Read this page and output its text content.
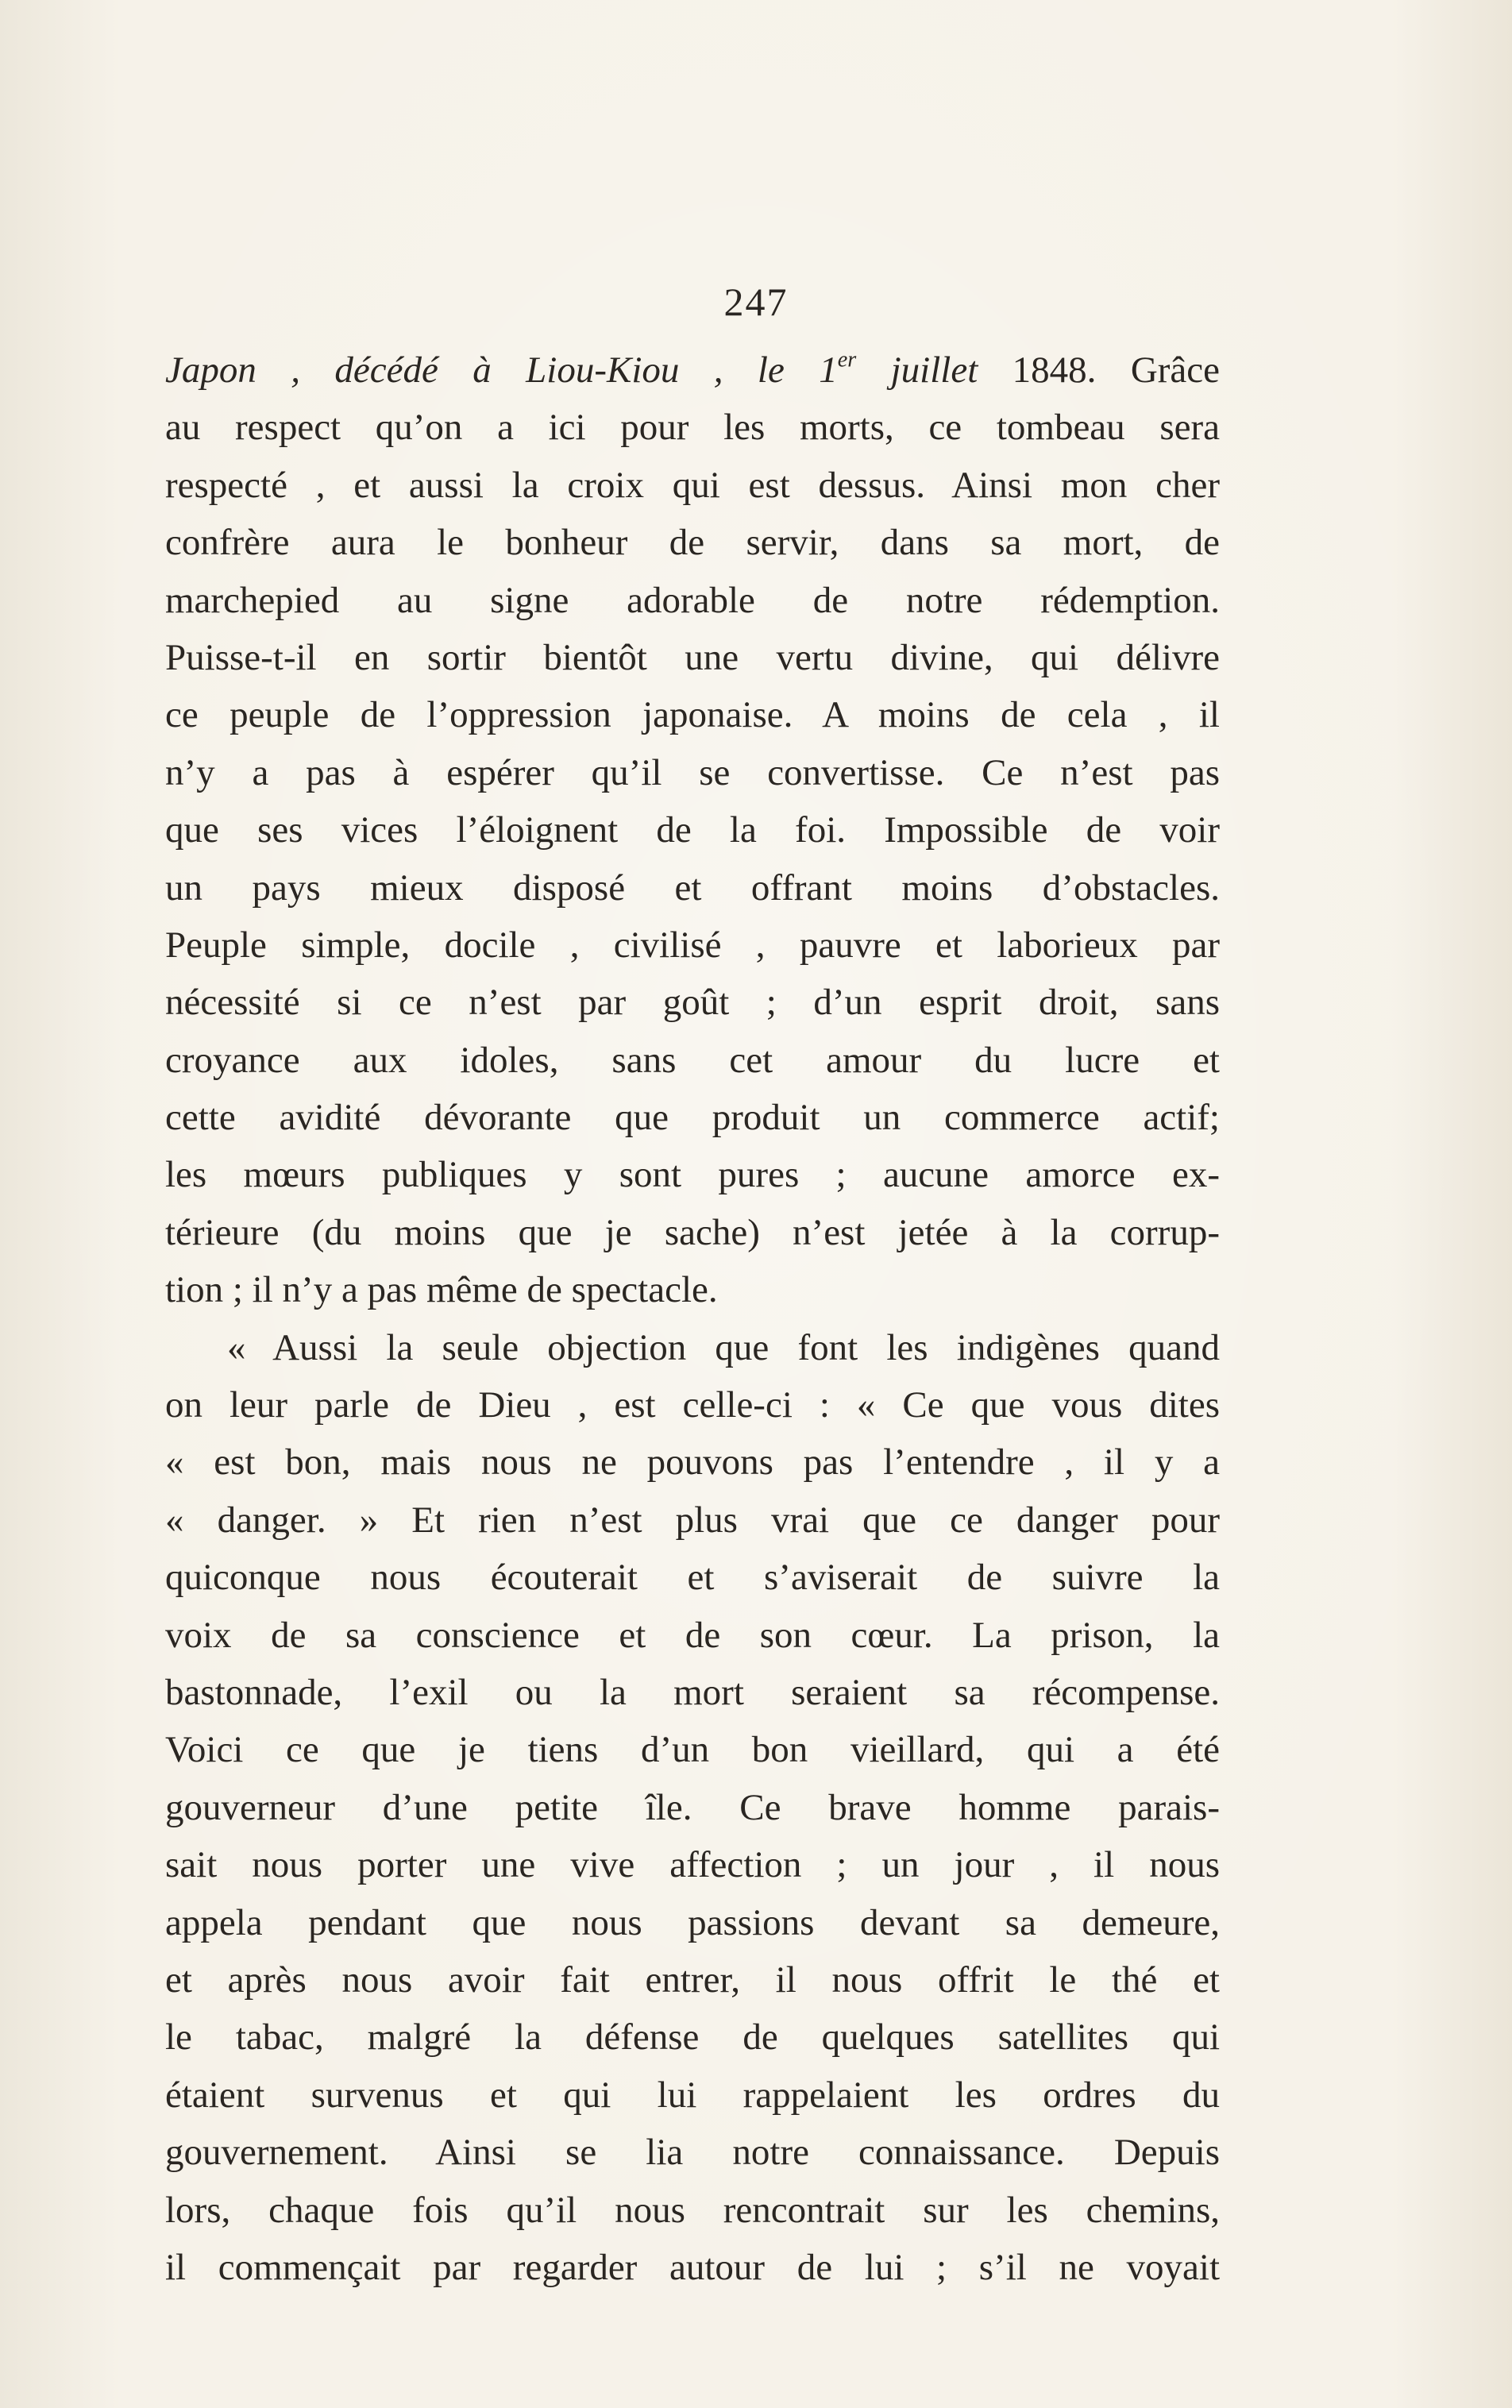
247
Japon , décédé à Liou-Kiou , le 1er juillet 1848. Grâce
au respect qu’on a ici pour les morts, ce tombeau sera
respecté , et aussi la croix qui est dessus. Ainsi mon cher
confrère aura le bonheur de servir, dans sa mort, de
marchepied au signe adorable de notre rédemption.
Puisse-t-il en sortir bientôt une vertu divine, qui délivre
ce peuple de l’oppression japonaise. A moins de cela , il
n’y a pas à espérer qu’il se convertisse. Ce n’est pas
que ses vices l’éloignent de la foi. Impossible de voir
un pays mieux disposé et offrant moins d’obstacles.
Peuple simple, docile , civilisé , pauvre et laborieux par
nécessité si ce n’est par goût ; d’un esprit droit, sans
croyance aux idoles, sans cet amour du lucre et
cette avidité dévorante que produit un commerce actif;
les mœurs publiques y sont pures ; aucune amorce ex-
térieure (du moins que je sache) n’est jetée à la corrup-
tion ; il n’y a pas même de spectacle.
« Aussi la seule objection que font les indigènes quand
on leur parle de Dieu , est celle-ci : « Ce que vous dites
« est bon, mais nous ne pouvons pas l’entendre , il y a
« danger. » Et rien n’est plus vrai que ce danger pour
quiconque nous écouterait et s’aviserait de suivre la
voix de sa conscience et de son cœur. La prison, la
bastonnade, l’exil ou la mort seraient sa récompense.
Voici ce que je tiens d’un bon vieillard, qui a été
gouverneur d’une petite île. Ce brave homme parais-
sait nous porter une vive affection ; un jour , il nous
appela pendant que nous passions devant sa demeure,
et après nous avoir fait entrer, il nous offrit le thé et
le tabac, malgré la défense de quelques satellites qui
étaient survenus et qui lui rappelaient les ordres du
gouvernement. Ainsi se lia notre connaissance. Depuis
lors, chaque fois qu’il nous rencontrait sur les chemins,
il commençait par regarder autour de lui ; s’il ne voyait
